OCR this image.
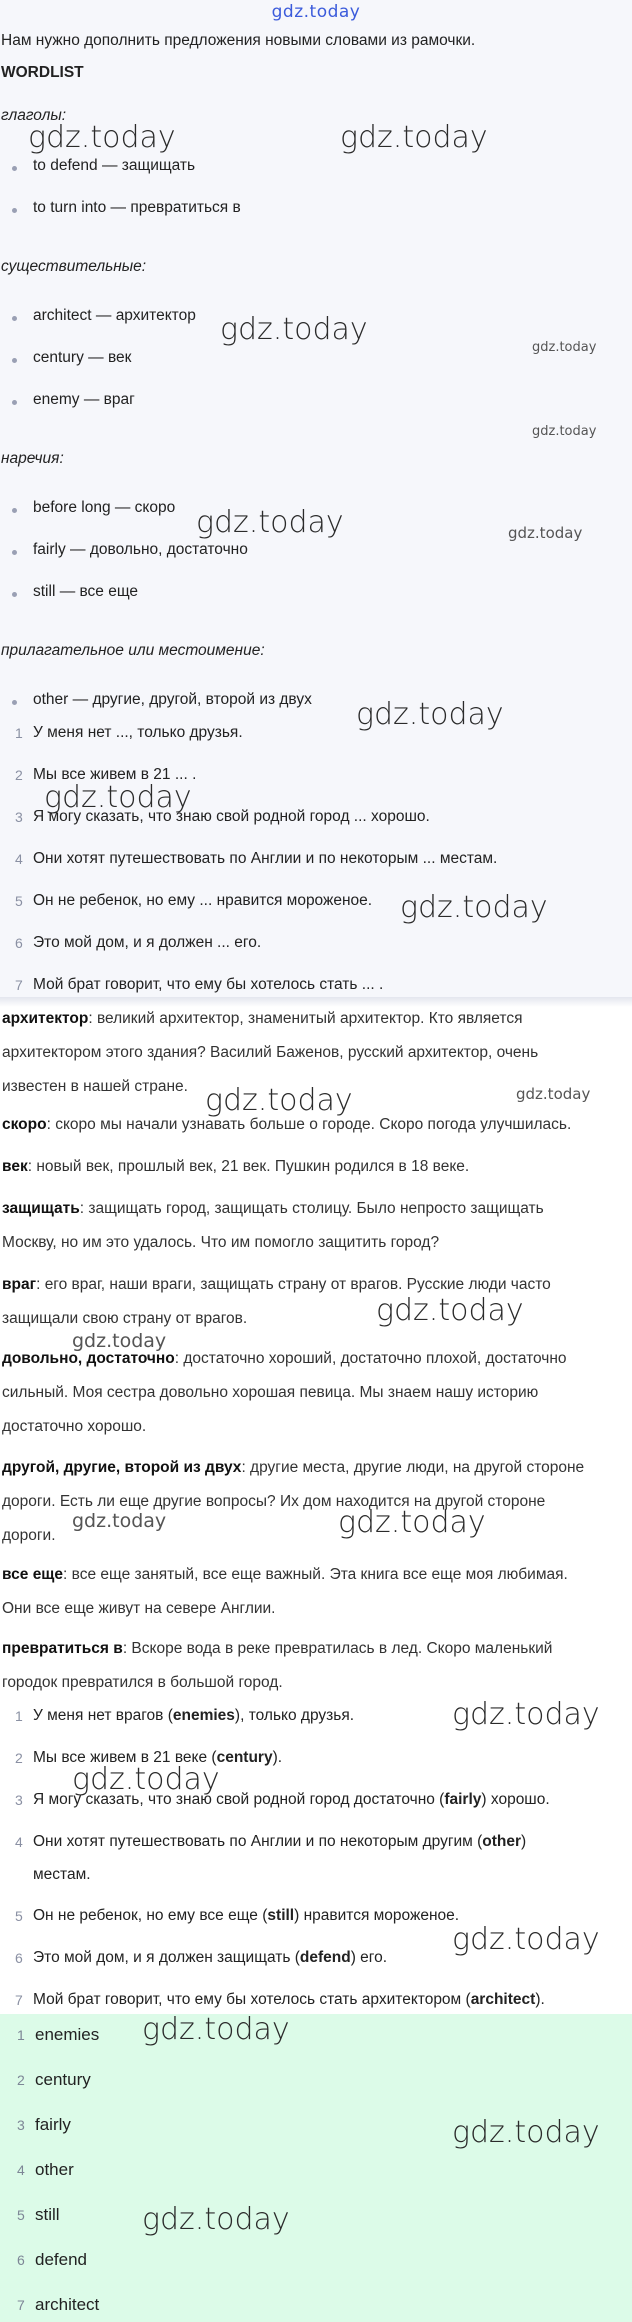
gdz.today
Нам нужно дополнить предложения новыми словами из рамочки.
WORDLIST
глаголы:
to defend — защищать
to turn into — превратиться в
существительные:
architect — архитектор
century — век
enemy — враг
наречия:
before long — скоро
fairly — довольно, достаточно
still — все еще
прилагательное или местоимение:
other — другие, другой, второй из двух
1 У меня нет ..., только друзья.
2 Мы все живем в 21 ... .
3 Я могу сказать, что знаю свой родной город ... хорошо.
4 Они хотят путешествовать по Англии и по некоторым ... местам.
5 Он не ребенок, но ему ... нравится мороженое.
6 Это мой дом, и я должен ... его.
7 Мой брат говорит, что ему бы хотелось стать ... .
архитектор: великий архитектор, знаменитый архитектор. Кто является
архитектором этого здания? Василий Баженов, русский архитектор, очень
известен в нашей стране.
скоро: скоро мы начали узнавать больше о городе. Скоро погода улучшилась.
век: новый век, прошлый век, 21 век. Пушкин родился в 18 веке.
защищать: защищать город, защищать столицу. Было непросто защищать
Москву, но им это удалось. Что им помогло защитить город?
враг: его враг, наши враги, защищать страну от врагов. Русские люди часто
защищали свою страну от врагов.
довольно, достаточно: достаточно хороший, достаточно плохой, достаточно
сильный. Моя сестра довольно хорошая певица. Мы знаем нашу историю
достаточно хорошо.
другой, другие, второй из двух: другие места, другие люди, на другой стороне
дороги. Есть ли еще другие вопросы? Их дом находится на другой стороне
дороги.
все еще: все еще занятый, все еще важный. Эта книга все еще моя любимая.
Они все еще живут на севере Англии.
превратиться в: Вскоре вода в реке превратилась в лед. Скоро маленький
городок превратился в большой город.
1 У меня нет врагов (enemies), только друзья.
2 Мы все живем в 21 веке (century).
3 Я могу сказать, что знаю свой родной город достаточно (fairly) хорошо.
4 Они хотят путешествовать по Англии и по некоторым другим (other)
местам.
5 Он не ребенок, но ему все еще (still) нравится мороженое.
6 Это мой дом, и я должен защищать (defend) его.
7 Мой брат говорит, что ему бы хотелось стать архитектором (architect).
1 enemies
2 century
3 fairly
4 other
5 still
6 defend
7 architect
gdz.today	gdz.today
gdz.today
gdz.today
gdz.today
gdz.today	gdz.today
gdz.today
gdz.today
gdz.today
gdz.today	gdz.today
gdz.today
gdz.today
gdz.today	gdz.today
gdz.today
gdz.today
gdz.today
gdz.today
gdz.today
gdz.today
